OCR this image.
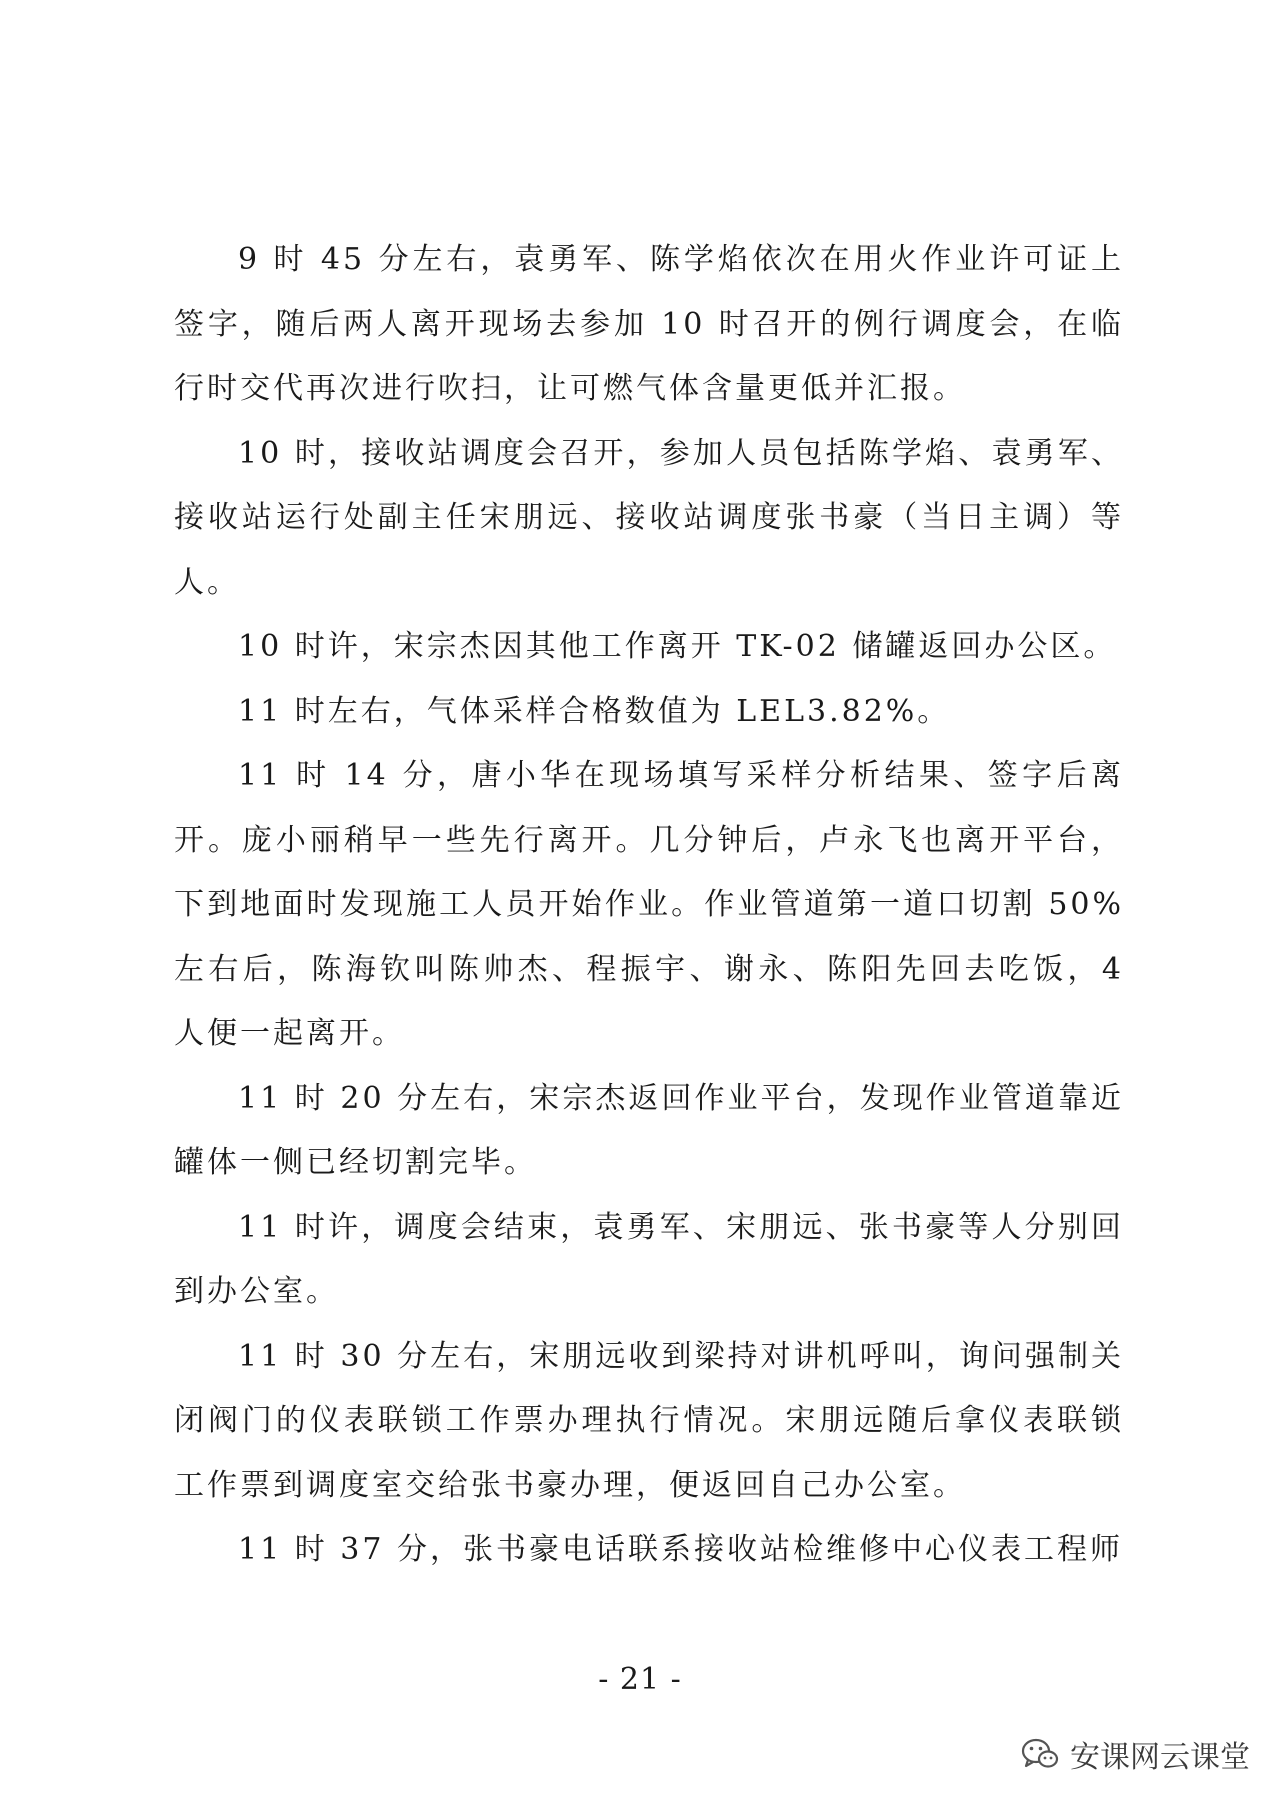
9 时 45 分左右，袁勇军、陈学焰依次在用火作业许可证上签字，随后两人离开现场去参加 10 时召开的例行调度会，在临行时交代再次进行吹扫，让可燃气体含量更低并汇报。

10 时，接收站调度会召开，参加人员包括陈学焰、袁勇军、接收站运行处副主任宋朋远、接收站调度张书豪（当日主调）等人。

10 时许，宋宗杰因其他工作离开 TK-02 储罐返回办公区。

11 时左右，气体采样合格数值为 LEL3.82%。

11 时 14 分，唐小华在现场填写采样分析结果、签字后离开。庞小丽稍早一些先行离开。几分钟后，卢永飞也离开平台，下到地面时发现施工人员开始作业。作业管道第一道口切割 50%左右后，陈海钦叫陈帅杰、程振宇、谢永、陈阳先回去吃饭，4 人便一起离开。

11 时 20 分左右，宋宗杰返回作业平台，发现作业管道靠近罐体一侧已经切割完毕。

11 时许，调度会结束，袁勇军、宋朋远、张书豪等人分别回到办公室。

11 时 30 分左右，宋朋远收到梁持对讲机呼叫，询问强制关闭阀门的仪表联锁工作票办理执行情况。宋朋远随后拿仪表联锁工作票到调度室交给张书豪办理，便返回自己办公室。

11 时 37 分，张书豪电话联系接收站检维修中心仪表工程师

- 21 -
安课网云课堂
